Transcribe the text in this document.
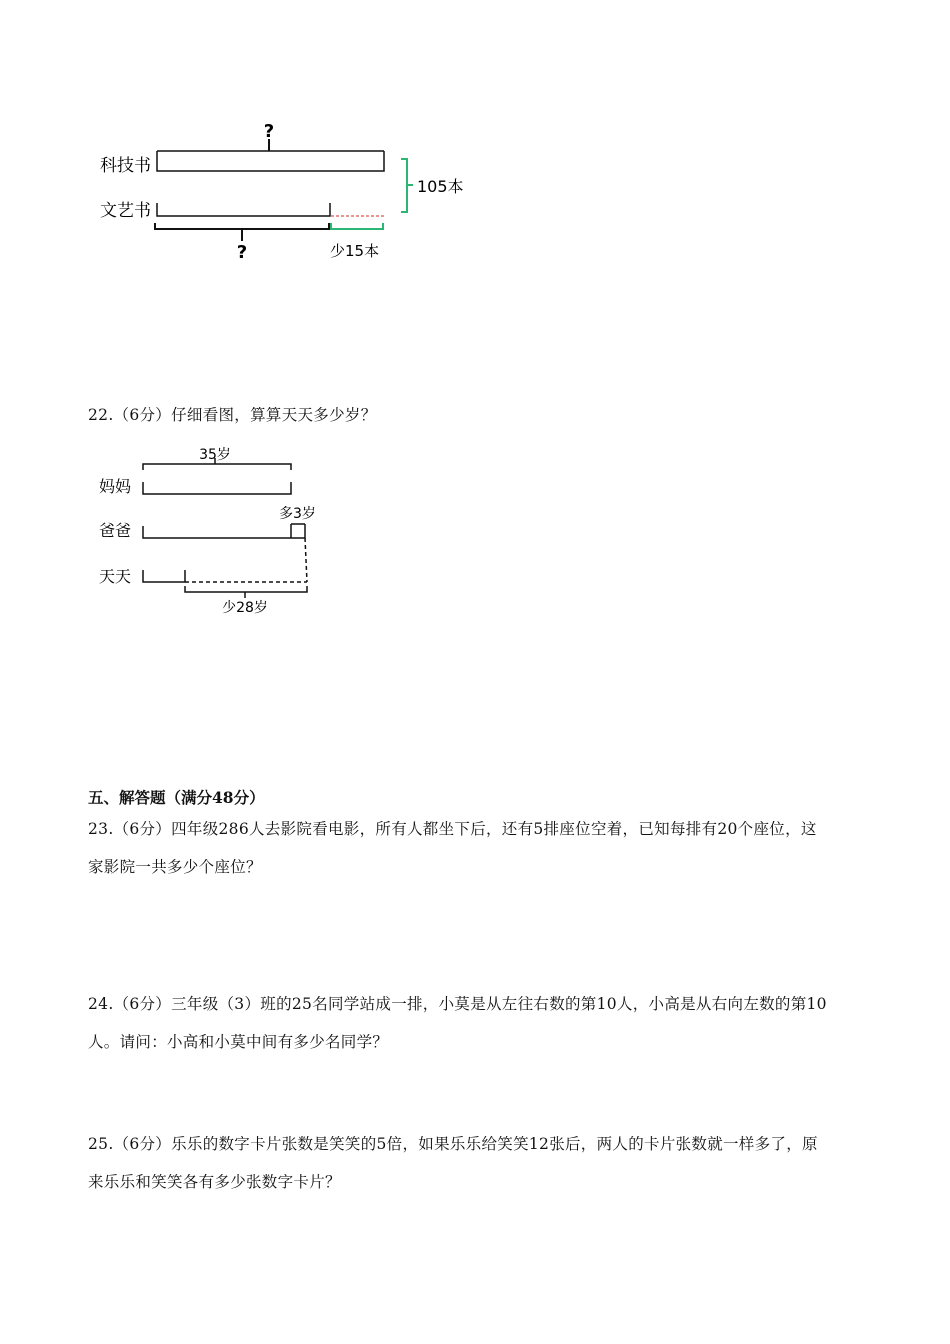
?
科技书
文艺书
105本
?	少15本
22.（6分）仔细看图，算算天天多少岁？
35岁
妈妈
多3岁
爸爸
天天
少28岁
五、解答题（满分48分）
23.（6分）四年级286人去影院看电影，所有人都坐下后，还有5排座位空着，已知每排有20个座位，这
家影院一共多少个座位？
24.（6分）三年级（3）班的25名同学站成一排，小莫是从左往右数的第10人，小高是从右向左数的第10
人。请问：小高和小莫中间有多少名同学？
25.（6分）乐乐的数字卡片张数是笑笑的5倍，如果乐乐给笑笑12张后，两人的卡片张数就一样多了，原
来乐乐和笑笑各有多少张数字卡片？
